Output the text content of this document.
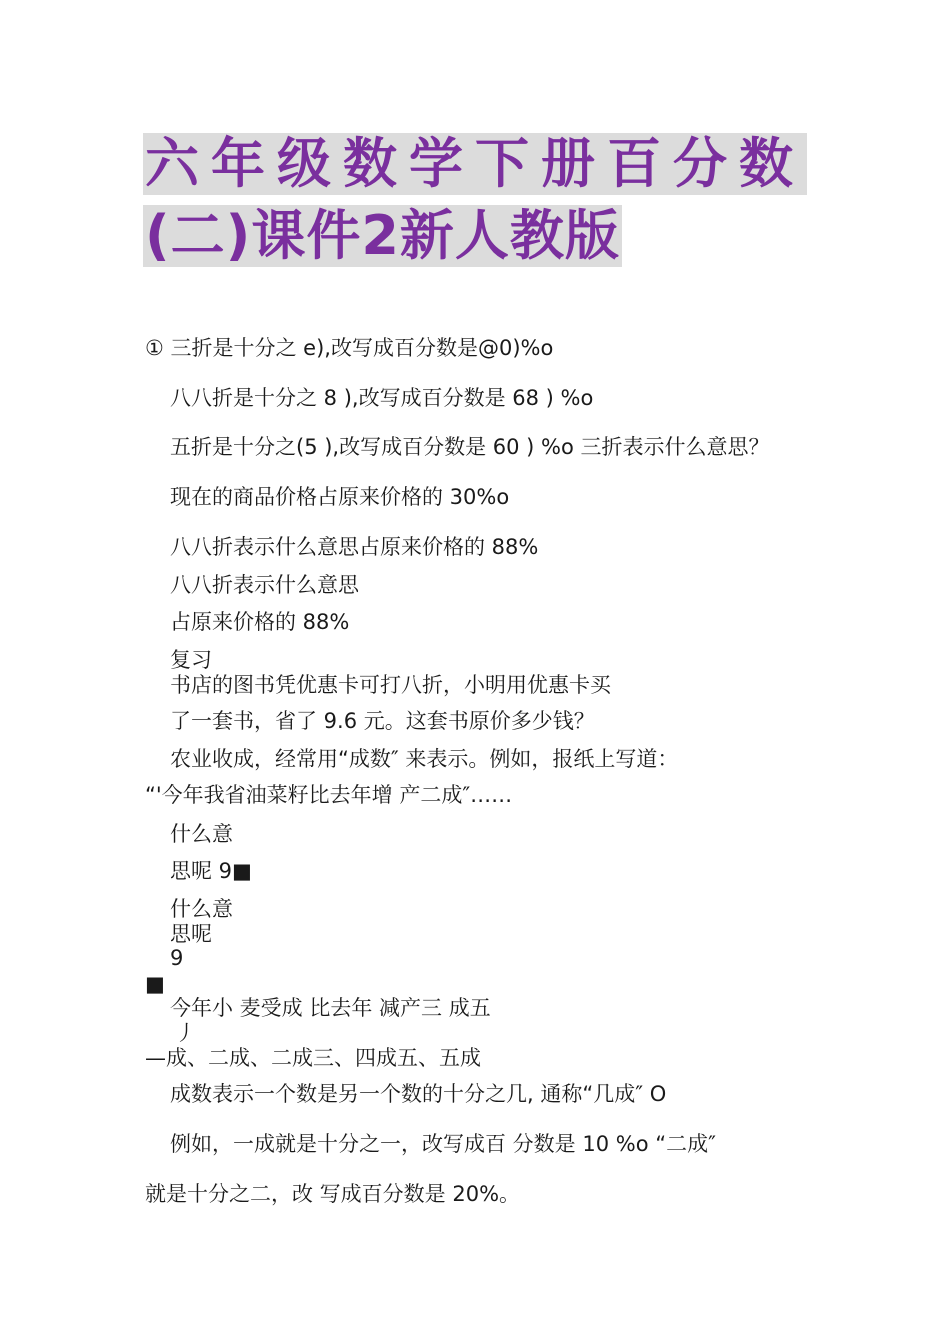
六年级数学下册百分数
(二)课件2新人教版
① 三折是十分之 e),改写成百分数是@0)%o
八八折是十分之 8 ),改写成百分数是 68 ) %o
五折是十分之(5 ),改写成百分数是 60 ) %o 三折表示什么意思？
现在的商品价格占原来价格的 30%o
八八折表示什么意思占原来价格的 88%
八八折表示什么意思
占原来价格的 88%
复习
书店的图书凭优惠卡可打八折，小明用优惠卡买
了一套书，省了 9.6 元。这套书原价多少钱？
农业收成，经常用“成数″ 来表示。例如，报纸上写道：
“'今年我省油菜籽比去年增 产二成″……
什么意
思呢 9■
什么意
思呢
9
■
今年小 麦受成 比去年 减产三 成五
丿
—成、二成、二成三、四成五、五成
成数表示一个数是另一个数的十分之几, 通称“几成″ O
例如，一成就是十分之一，改写成百 分数是 10 %o “二成″
就是十分之二，改 写成百分数是 20%。
